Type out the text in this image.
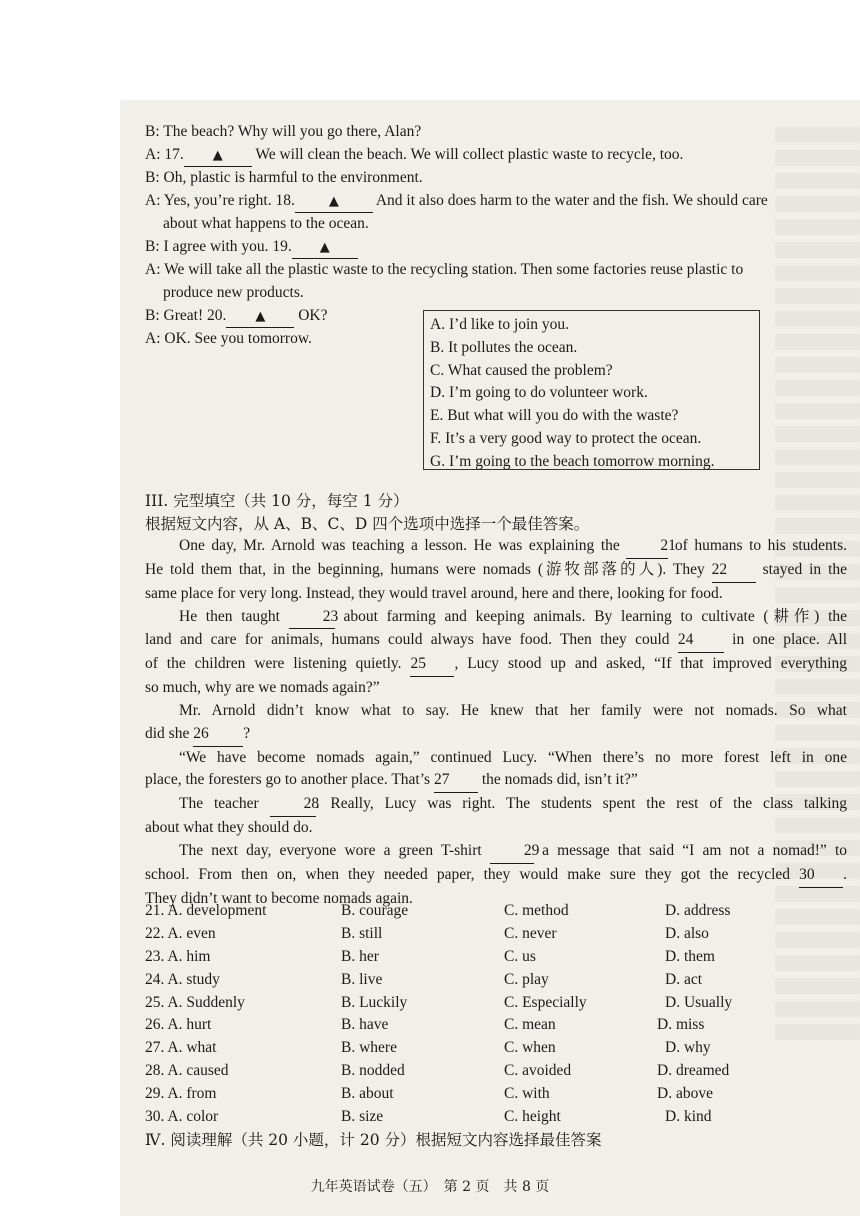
B: The beach? Why will you go there, Alan?
A: 17. ▲ We will clean the beach. We will collect plastic waste to recycle, too.
B: Oh, plastic is harmful to the environment.
A: Yes, you’re right. 18.	▲ And it also does harm to the water and the fish. We should care
about what happens to the ocean.
B: I agree with you. 19. ▲
A: We will take all the plastic waste to the recycling station. Then some factories reuse plastic to
produce new products.
B: Great! 20. ▲ OK?
A: OK. See you tomorrow.
A. I’d like to join you.
B. It pollutes the ocean.
C. What caused the problem?
D. I’m going to do volunteer work.
E. But what will you do with the waste?
F. It’s a very good way to protect the ocean.
G. I’m going to the beach tomorrow morning.
III. 完型填空（共 10 分，每空 1 分）
根据短文内容，从 A、B、C、D 四个选项中选择一个最佳答案。
One day, Mr. Arnold was teaching a lesson. He was explaining the	21 of humans to his students.
He told them that, in the beginning, humans were nomads (游牧部落的人). They 22 stayed in the
same place for very long. Instead, they would travel around, here and there, looking for food.
He then taught	23 about farming and keeping animals. By learning to cultivate (耕作) the
land and care for animals, humans could always have food. Then they could 24	in one place. All
of the children were listening quietly. 25 , Lucy stood up and asked, “If that improved everything
so much, why are we nomads again?”
Mr. Arnold didn’t know what to say. He knew that her family were not nomads. So what
did she 26 ?
“We have become nomads again,” continued Lucy. “When there’s no more forest left in one
place, the foresters go to another place. That’s 27 the nomads did, isn’t it?”
The teacher	28. Really, Lucy was right. The students spent the rest of the class talking
about what they should do.
The next day, everyone wore a green T-shirt	29 a message that said “I am not a nomad!” to
school. From then on, when they needed paper, they would make sure they got the recycled 30 .
They didn’t want to become nomads again.
21. A. development	B. courage	C. method	D. address
22. A. even	B. still	C. never	D. also
23. A. him	B. her	C. us	D. them
24. A. study	B. live	C. play	D. act
25. A. Suddenly	B. Luckily	C. Especially	D. Usually
26. A. hurt	B. have	C. mean	D. miss
27. A. what	B. where	C. when	D. why
28. A. caused	B. nodded	C. avoided	D. dreamed
29. A. from	B. about	C. with	D. above
30. A. color	B. size	C. height	D. kind
Ⅳ. 阅读理解（共 20 小题，计 20 分）根据短文内容选择最佳答案
九年英语试卷（五）　第 2 页　共 8 页
